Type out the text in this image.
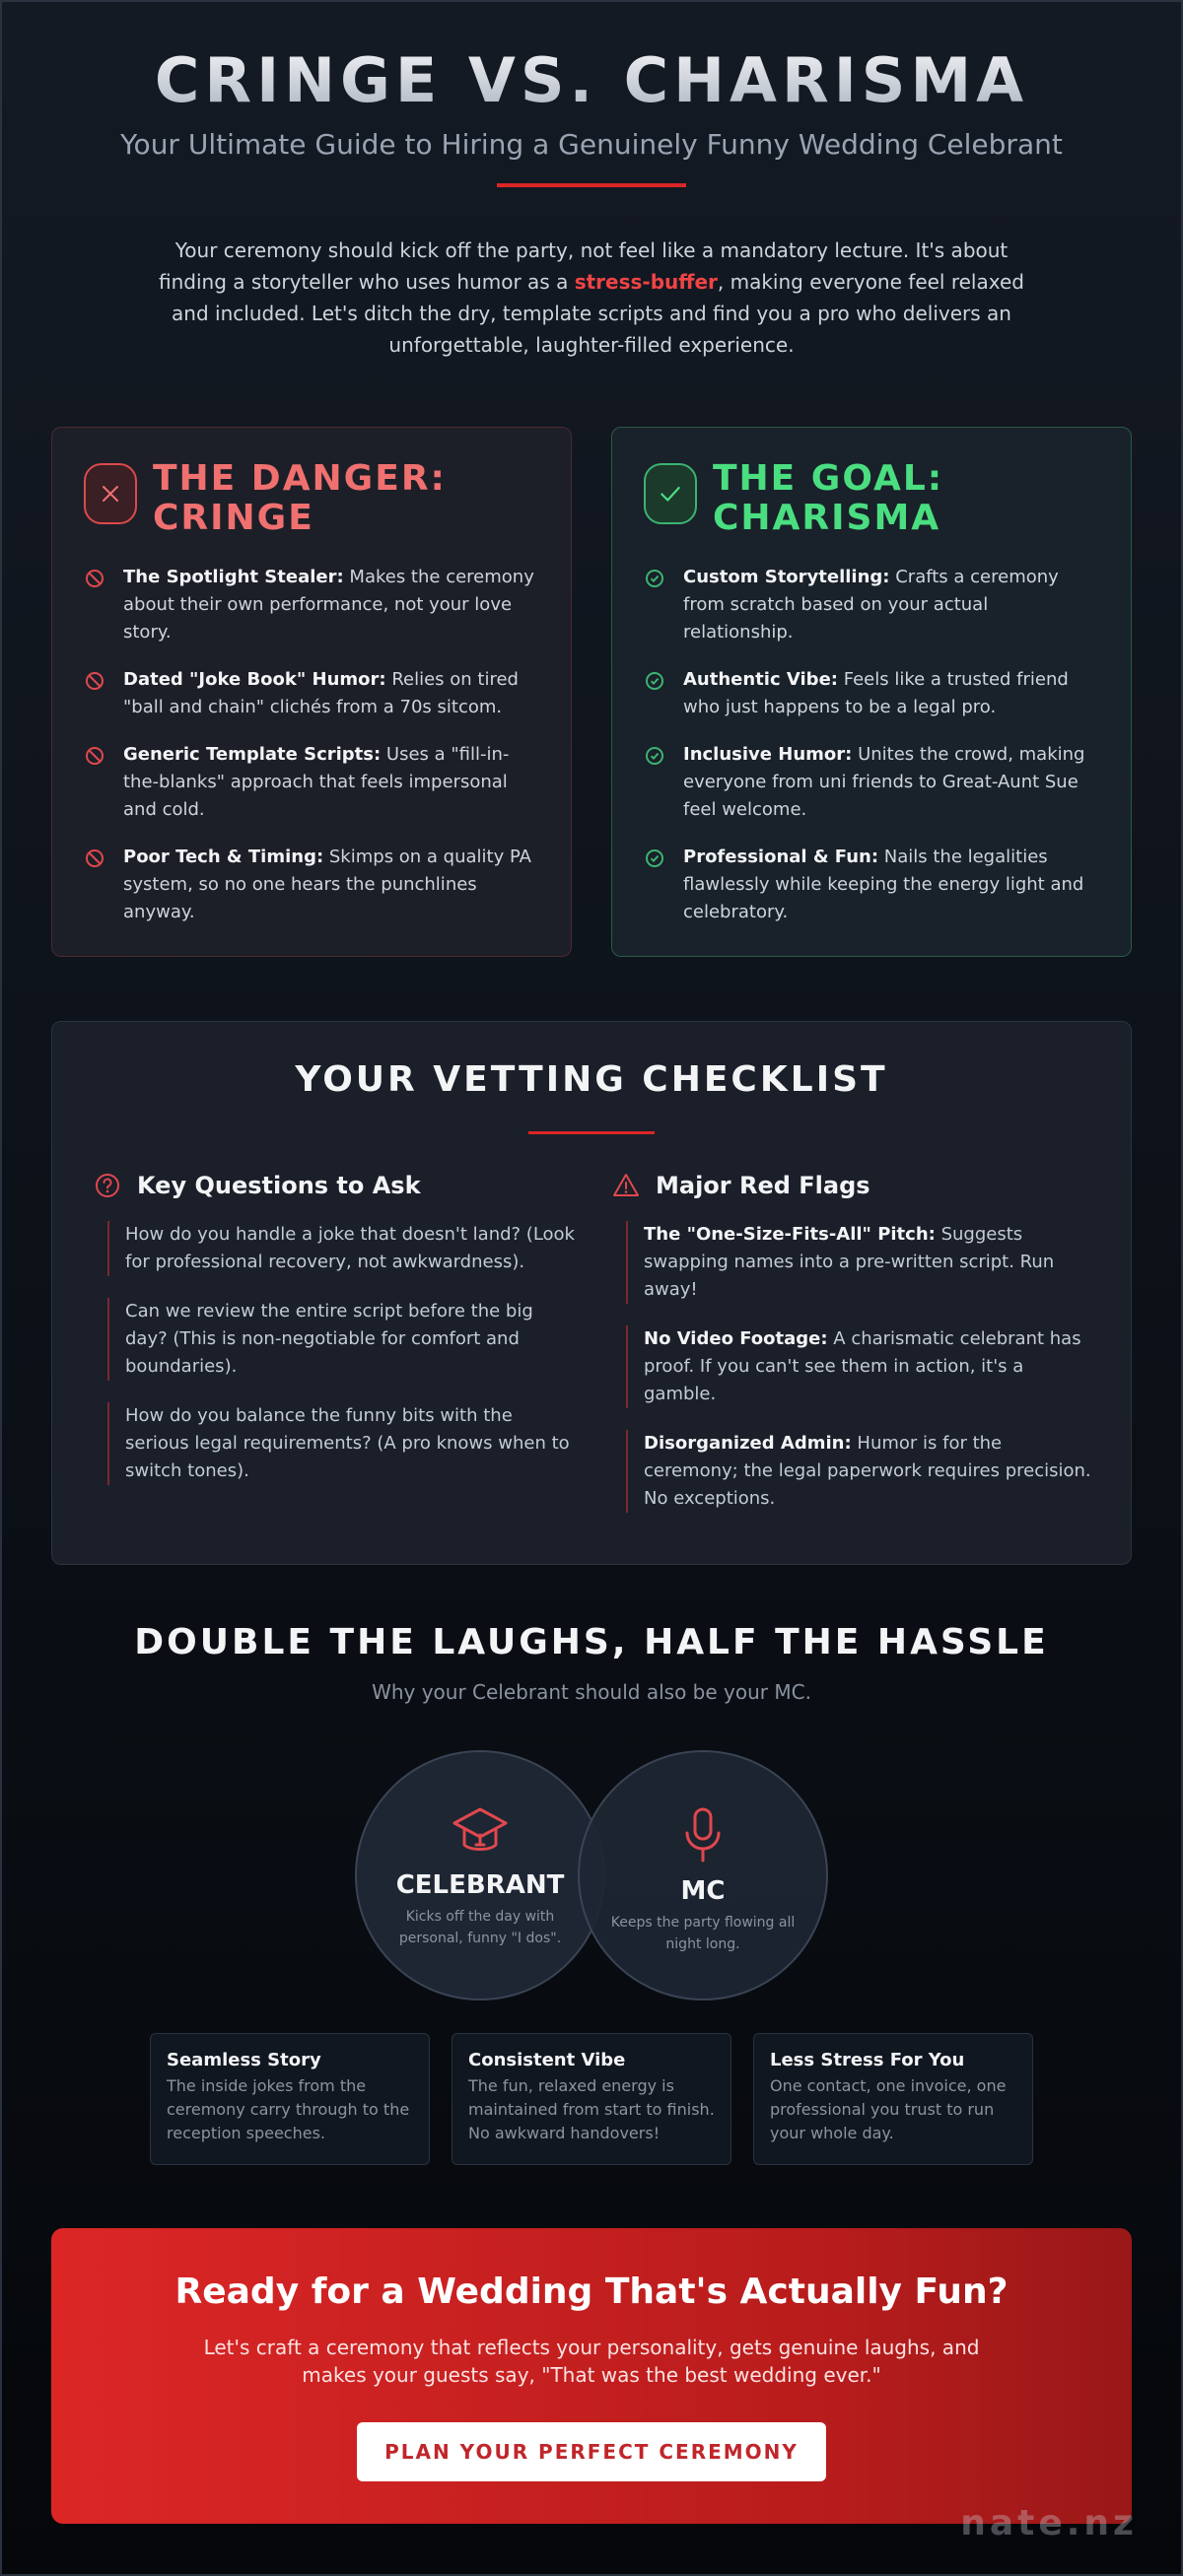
CRINGE VS. CHARISMA
Your Ultimate Guide to Hiring a Genuinely Funny Wedding Celebrant

Your ceremony should kick off the party, not feel like a mandatory lecture. It's about finding a storyteller who uses humor as a stress-buffer, making everyone feel relaxed and included. Let's ditch the dry, template scripts and find you a pro who delivers an unforgettable, laughter-filled experience.

THE DANGER: CRINGE
The Spotlight Stealer: Makes the ceremony about their own performance, not your love story.
Dated "Joke Book" Humor: Relies on tired "ball and chain" clichés from a 70s sitcom.
Generic Template Scripts: Uses a "fill-in-the-blanks" approach that feels impersonal and cold.
Poor Tech & Timing: Skimps on a quality PA system, so no one hears the punchlines anyway.
THE GOAL: CHARISMA
Custom Storytelling: Crafts a ceremony from scratch based on your actual relationship.
Authentic Vibe: Feels like a trusted friend who just happens to be a legal pro.
Inclusive Humor: Unites the crowd, making everyone from uni friends to Great-Aunt Sue feel welcome.
Professional & Fun: Nails the legalities flawlessly while keeping the energy light and celebratory.
YOUR VETTING CHECKLIST
Key Questions to Ask
How do you handle a joke that doesn't land? (Look for professional recovery, not awkwardness).
Can we review the entire script before the big day? (This is non-negotiable for comfort and boundaries).
How do you balance the funny bits with the serious legal requirements? (A pro knows when to switch tones).
Major Red Flags
The "One-Size-Fits-All" Pitch: Suggests swapping names into a pre-written script. Run away!
No Video Footage: A charismatic celebrant has proof. If you can't see them in action, it's a gamble.
Disorganized Admin: Humor is for the ceremony; the legal paperwork requires precision. No exceptions.
DOUBLE THE LAUGHS, HALF THE HASSLE

Why your Celebrant should also be your MC.

CELEBRANT
Kicks off the day with personal, funny "I dos".
MC
Keeps the party flowing all night long.
Seamless Story
The inside jokes from the ceremony carry through to the reception speeches.
Consistent Vibe
The fun, relaxed energy is maintained from start to finish. No awkward handovers!
Less Stress For You
One contact, one invoice, one professional you trust to run your whole day.
Ready for a Wedding That's Actually Fun?

Let's craft a ceremony that reflects your personality, gets genuine laughs, and makes your guests say, "That was the best wedding ever."

PLAN YOUR PERFECT CEREMONY
nate.nz
